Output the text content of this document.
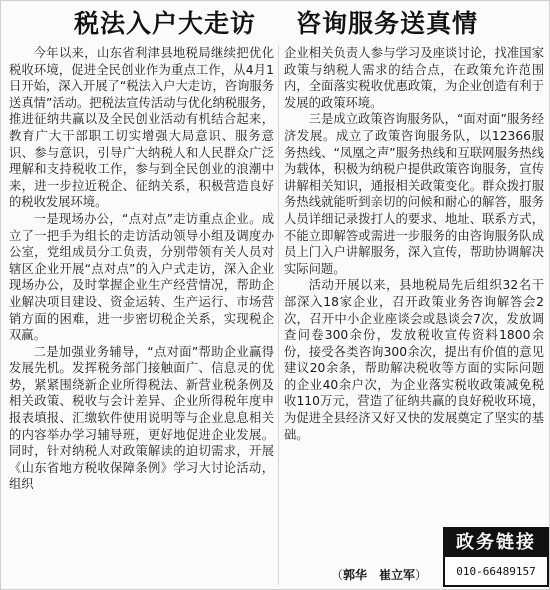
税法入户大走访 咨询服务送真情

今年以来，山东省利津县地税局继续把优化税收环境，促进全民创业作为重点工作，从4月1日开始，深入开展了“税法入户大走访，咨询服务送真情”活动。把税法宣传活动与优化纳税服务，推进征纳共赢以及全民创业活动有机结合起来，教育广大干部职工切实增强大局意识、服务意识、参与意识，引导广大纳税人和人民群众广泛理解和支持税收工作，参与到全民创业的浪潮中来，进一步拉近税企、征纳关系，积极营造良好的税收发展环境。

一是现场办公，“点对点”走访重点企业。成立了一把手为组长的走访活动领导小组及调度办公室，党组成员分工负责，分别带领有关人员对辖区企业开展“点对点”的入户式走访，深入企业现场办公，及时掌握企业生产经营情况，帮助企业解决项目建设、资金运转、生产运行、市场营销方面的困难，进一步密切税企关系，实现税企双赢。

二是加强业务辅导，“点对面”帮助企业赢得发展先机。发挥税务部门接触面广、信息灵的优势，紧紧围绕新企业所得税法、新营业税条例及相关政策、税收与会计差异、企业所得税年度申报表填报、汇缴软件使用说明等与企业息息相关的内容举办学习辅导班，更好地促进企业发展。同时，针对纳税人对政策解读的迫切需求，开展《山东省地方税收保障条例》学习大讨论活动，组织

企业相关负责人参与学习及座谈讨论，找准国家政策与纳税人需求的结合点，在政策允许范围内，全面落实税收优惠政策，为企业创造有利于发展的政策环境。

三是成立政策咨询服务队，“面对面”服务经济发展。成立了政策咨询服务队，以12366服务热线、“凤凰之声”服务热线和互联网服务热线为载体，积极为纳税户提供政策咨询服务，宣传讲解相关知识，通报相关政策变化。群众拨打服务热线就能听到亲切的问候和耐心的解答，服务人员详细记录拨打人的要求、地址、联系方式，不能立即解答或需进一步服务的由咨询服务队成员上门入户讲解服务，深入宣传，帮助协调解决实际问题。

活动开展以来，县地税局先后组织32名干部深入18家企业，召开政策业务咨询解答会2次，召开中小企业座谈会或恳谈会7次，发放调查问卷300余份，发放税收宣传资料1800余份，接受各类咨询300余次，提出有价值的意见建议20余条，帮助解决税收等方面的实际问题的企业40余户次，为企业落实税收政策减免税收110万元，营造了征纳共赢的良好税收环境，为促进全县经济又好又快的发展奠定了坚实的基础。

（郭华　崔立军）
政务链接
010-66489157
